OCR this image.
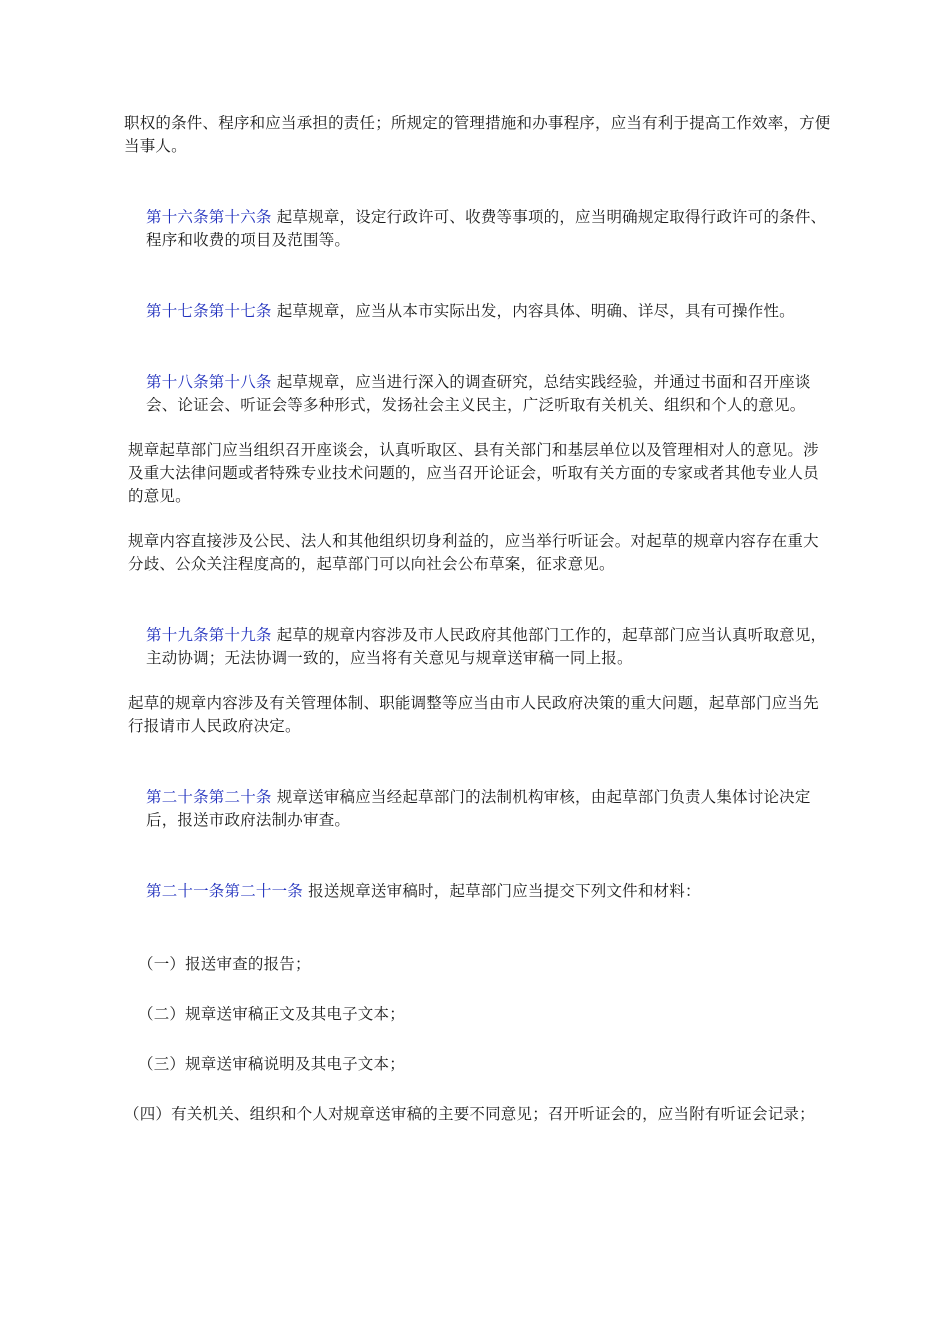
职权的条件、程序和应当承担的责任；所规定的管理措施和办事程序，应当有利于提高工作效率，方便当事人。

第十六条第十六条 起草规章，设定行政许可、收费等事项的，应当明确规定取得行政许可的条件、程序和收费的项目及范围等。

第十七条第十七条 起草规章，应当从本市实际出发，内容具体、明确、详尽，具有可操作性。

第十八条第十八条 起草规章，应当进行深入的调查研究，总结实践经验，并通过书面和召开座谈会、论证会、听证会等多种形式，发扬社会主义民主，广泛听取有关机关、组织和个人的意见。

规章起草部门应当组织召开座谈会，认真听取区、县有关部门和基层单位以及管理相对人的意见。涉及重大法律问题或者特殊专业技术问题的，应当召开论证会，听取有关方面的专家或者其他专业人员的意见。

规章内容直接涉及公民、法人和其他组织切身利益的，应当举行听证会。对起草的规章内容存在重大分歧、公众关注程度高的，起草部门可以向社会公布草案，征求意见。

第十九条第十九条 起草的规章内容涉及市人民政府其他部门工作的，起草部门应当认真听取意见，主动协调；无法协调一致的，应当将有关意见与规章送审稿一同上报。

起草的规章内容涉及有关管理体制、职能调整等应当由市人民政府决策的重大问题，起草部门应当先行报请市人民政府决定。

第二十条第二十条 规章送审稿应当经起草部门的法制机构审核，由起草部门负责人集体讨论决定后，报送市政府法制办审查。

第二十一条第二十一条 报送规章送审稿时，起草部门应当提交下列文件和材料：

（一）报送审查的报告；

（二）规章送审稿正文及其电子文本；

（三）规章送审稿说明及其电子文本；

（四）有关机关、组织和个人对规章送审稿的主要不同意见；召开听证会的，应当附有听证会记录；
